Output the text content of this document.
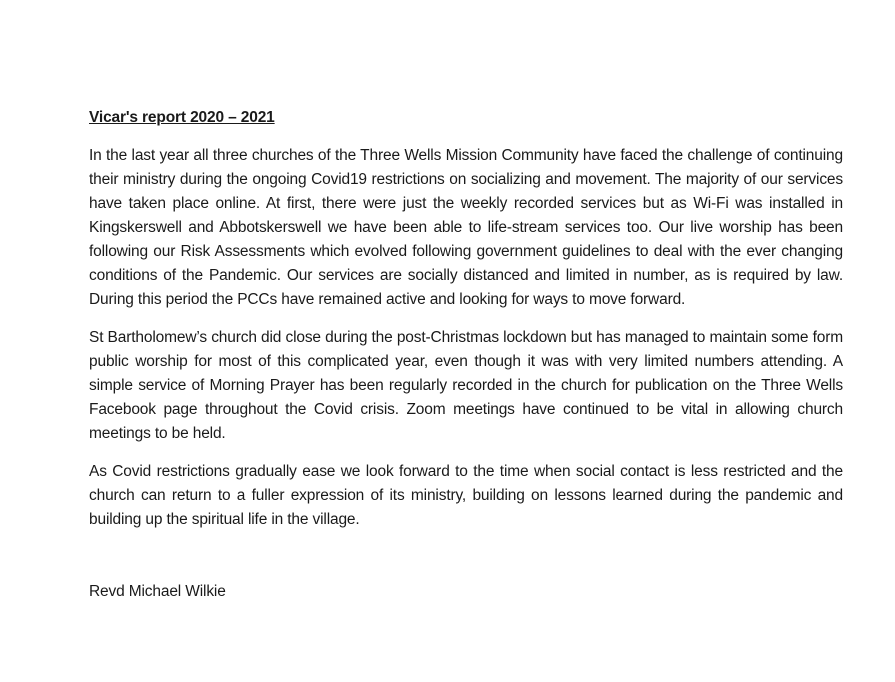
Vicar's report 2020 – 2021

In the last year all three churches of the Three Wells Mission Community have faced the challenge of continuing their ministry during the ongoing Covid19 restrictions on socializing and movement. The majority of our services have taken place online. At first, there were just the weekly recorded services but as Wi-Fi was installed in Kingskerswell and Abbotskerswell we have been able to life-stream services too. Our live worship has been following our Risk Assessments which evolved following government guidelines to deal with the ever changing conditions of the Pandemic. Our services are socially distanced and limited in number, as is required by law. During this period the PCCs have remained active and looking for ways to move forward.

St Bartholomew’s church did close during the post-Christmas lockdown but has managed to maintain some form public worship for most of this complicated year, even though it was with very limited numbers attending. A simple service of Morning Prayer has been regularly recorded in the church for publication on the Three Wells Facebook page throughout the Covid crisis. Zoom meetings have continued to be vital in allowing church meetings to be held.

As Covid restrictions gradually ease we look forward to the time when social contact is less restricted and the church can return to a fuller expression of its ministry, building on lessons learned during the pandemic and building up the spiritual life in the village.

Revd Michael Wilkie
